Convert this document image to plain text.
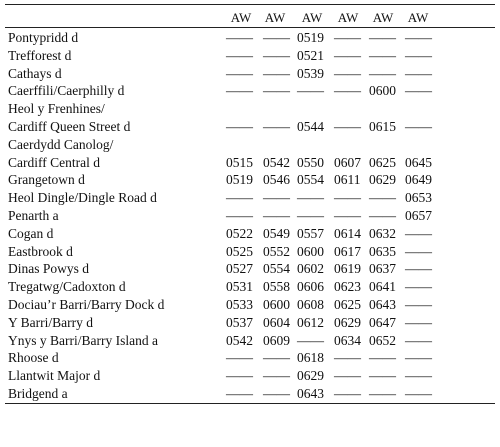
AW	AW	AW	AW	AW	AW
Pontypridd d	—— —— 0519 —— —— ——
Trefforest d	—— —— 0521 —— —— ——
Cathays d	—— —— 0539 —— —— ——
Caerffili/Caerphilly d	—— —— —— —— 0600 ——
Heol y Frenhines/
Cardiff Queen Street d	—— —— 0544 —— 0615 ——
Caerdydd Canolog/
Cardiff Central d	0515 0542 0550 0607 0625 0645
Grangetown d	0519 0546 0554 0611 0629 0649
Heol Dingle/Dingle Road d	—— —— —— —— —— 0653
Penarth a	—— —— —— —— —— 0657
Cogan d	0522 0549 0557 0614 0632 ——
Eastbrook d	0525 0552 0600 0617 0635 ——
Dinas Powys d	0527 0554 0602 0619 0637 ——
Tregatwg/Cadoxton d	0531 0558 0606 0623 0641 ——
Dociau’r Barri/Barry Dock d	0533 0600 0608 0625 0643 ——
Y Barri/Barry d	0537 0604 0612 0629 0647 ——
Ynys y Barri/Barry Island a	0542 0609 —— 0634 0652 ——
Rhoose d	—— —— 0618 —— —— ——
Llantwit Major d	—— —— 0629 —— —— ——
Bridgend a	—— —— 0643 —— —— ——
